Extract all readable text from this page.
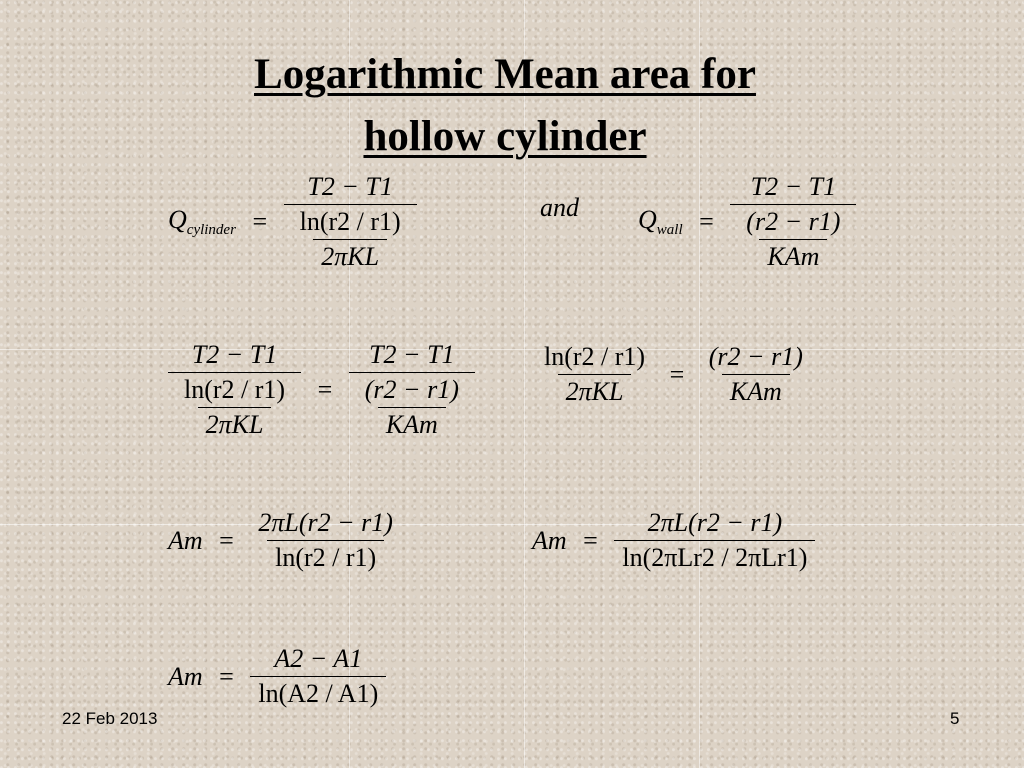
Logarithmic Mean area for
hollow cylinder
$Q_{cylinder} = \frac{T2 - T1}{\frac{\ln(r2 / r1)}{\text{2πKL}}}$	and $Q_{wall} = \frac{T2 - T1}{\frac{(r2 - r1)}{\text{KAm}}}$
$\frac{T2 - T1}{\frac{\ln(r2 / r1)}{\text{2πKL}}} = \frac{T2 - T1}{\frac{(r2 - r1)}{\text{KAm}}} \frac{\ln(r2 / r1)}{\text{2πKL}} = \frac{(r2 - r1)}{\text{KAm}}$
$Am = \frac{2\pi L(r2 - r1)}{\ln(r2 / r1)}$	$Am = \frac{2\pi L(r2 - r1)}{\text{ln(2πLr2 / 2πLr1)}}$
$Am = \frac{A2 - A1}{\ln(A2 / A1)}$
22 Feb 2013	5
